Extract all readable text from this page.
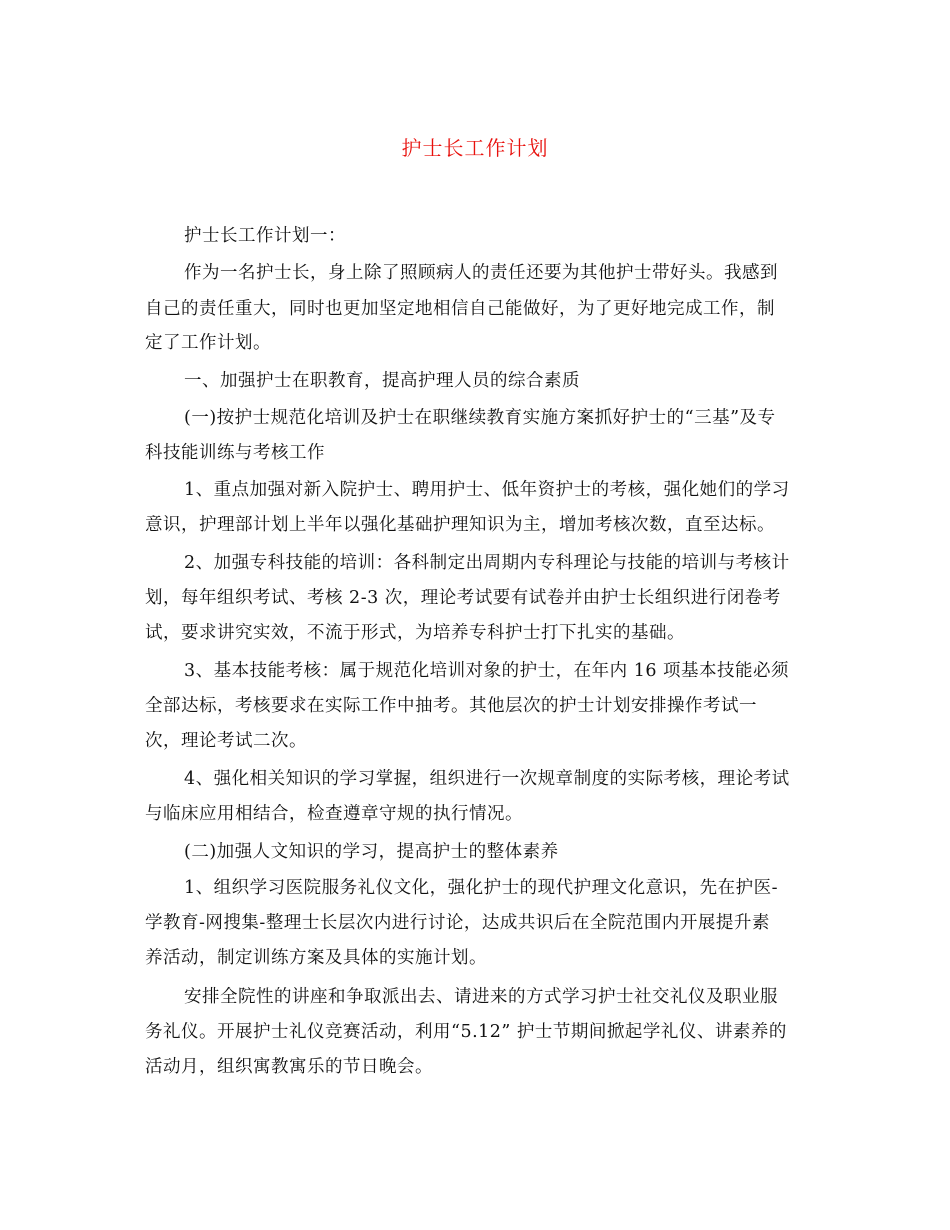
护士长工作计划
护士长工作计划一：
作为一名护士长，身上除了照顾病人的责任还要为其他护士带好头。我感到
自己的责任重大，同时也更加坚定地相信自己能做好，为了更好地完成工作，制
定了工作计划。
一、加强护士在职教育，提高护理人员的综合素质
(一)按护士规范化培训及护士在职继续教育实施方案抓好护士的“三基”及专
科技能训练与考核工作
1、重点加强对新入院护士、聘用护士、低年资护士的考核，强化她们的学习
意识，护理部计划上半年以强化基础护理知识为主，增加考核次数，直至达标。
2、加强专科技能的培训：各科制定出周期内专科理论与技能的培训与考核计
划，每年组织考试、考核 2-3 次，理论考试要有试卷并由护士长组织进行闭卷考
试，要求讲究实效，不流于形式，为培养专科护士打下扎实的基础。
3、基本技能考核：属于规范化培训对象的护士，在年内 16 项基本技能必须
全部达标，考核要求在实际工作中抽考。其他层次的护士计划安排操作考试一
次，理论考试二次。
4、强化相关知识的学习掌握，组织进行一次规章制度的实际考核，理论考试
与临床应用相结合，检查遵章守规的执行情况。
(二)加强人文知识的学习，提高护士的整体素养
1、组织学习医院服务礼仪文化，强化护士的现代护理文化意识，先在护医-
学教育-网搜集-整理士长层次内进行讨论，达成共识后在全院范围内开展提升素
养活动，制定训练方案及具体的实施计划。
安排全院性的讲座和争取派出去、请进来的方式学习护士社交礼仪及职业服
务礼仪。开展护士礼仪竞赛活动，利用“5.12” 护士节期间掀起学礼仪、讲素养的
活动月，组织寓教寓乐的节日晚会。
